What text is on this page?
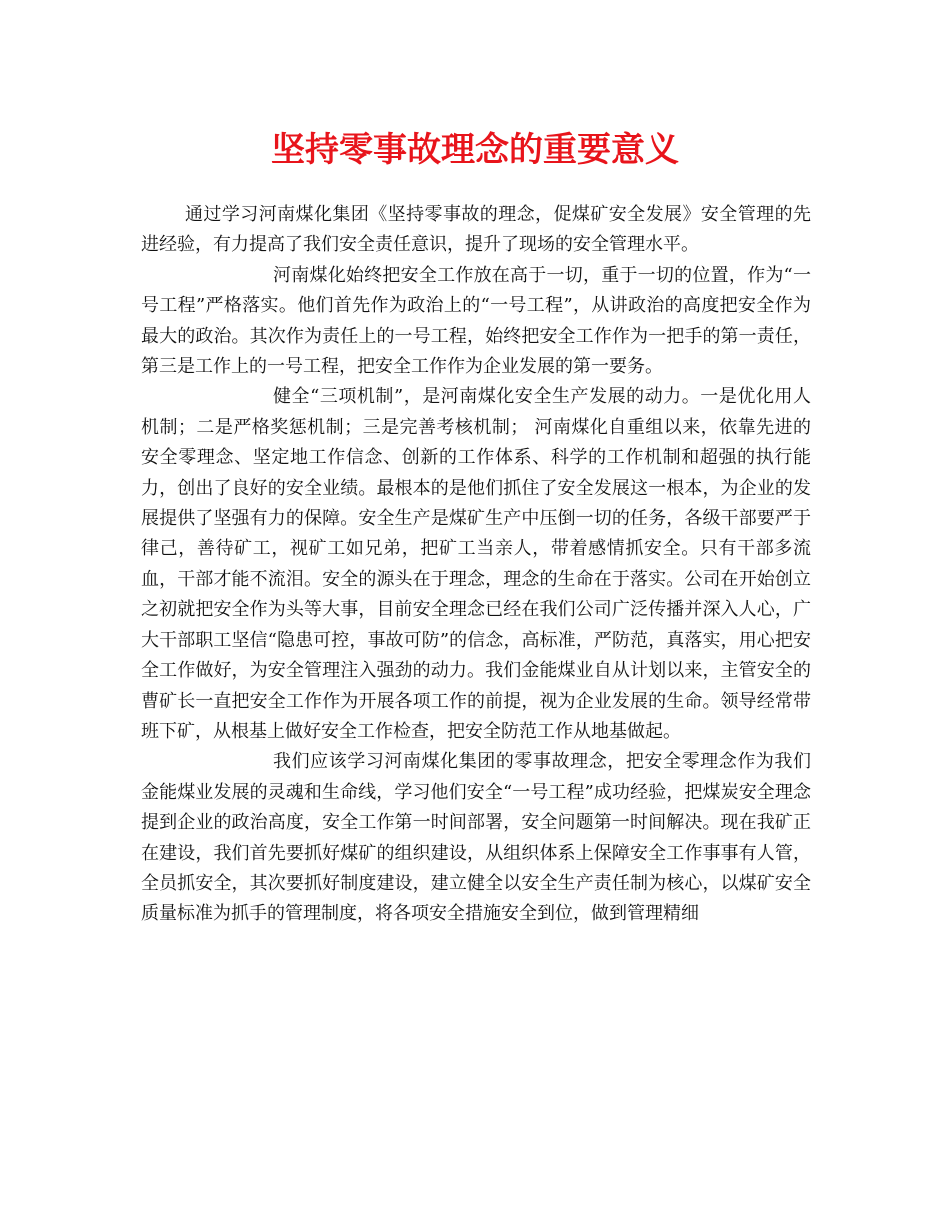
坚持零事故理念的重要意义

通过学习河南煤化集团《坚持零事故的理念，促煤矿安全发展》安全管理的先进经验，有力提高了我们安全责任意识，提升了现场的安全管理水平。

河南煤化始终把安全工作放在高于一切，重于一切的位置，作为“一号工程”严格落实。他们首先作为政治上的“一号工程”，从讲政治的高度把安全作为最大的政治。其次作为责任上的一号工程，始终把安全工作作为一把手的第一责任，第三是工作上的一号工程，把安全工作作为企业发展的第一要务。

健全“三项机制”，是河南煤化安全生产发展的动力。一是优化用人机制；二是严格奖惩机制；三是完善考核机制； 河南煤化自重组以来，依靠先进的安全零理念、坚定地工作信念、创新的工作体系、科学的工作机制和超强的执行能力，创出了良好的安全业绩。最根本的是他们抓住了安全发展这一根本，为企业的发展提供了坚强有力的保障。安全生产是煤矿生产中压倒一切的任务，各级干部要严于律己，善待矿工，视矿工如兄弟，把矿工当亲人，带着感情抓安全。只有干部多流血，干部才能不流泪。安全的源头在于理念，理念的生命在于落实。公司在开始创立之初就把安全作为头等大事，目前安全理念已经在我们公司广泛传播并深入人心，广大干部职工坚信“隐患可控，事故可防”的信念，高标准，严防范，真落实，用心把安全工作做好，为安全管理注入强劲的动力。我们金能煤业自从计划以来，主管安全的曹矿长一直把安全工作作为开展各项工作的前提，视为企业发展的生命。领导经常带班下矿，从根基上做好安全工作检查，把安全防范工作从地基做起。

我们应该学习河南煤化集团的零事故理念，把安全零理念作为我们金能煤业发展的灵魂和生命线，学习他们安全“一号工程”成功经验，把煤炭安全理念提到企业的政治高度，安全工作第一时间部署，安全问题第一时间解决。现在我矿正在建设，我们首先要抓好煤矿的组织建设，从组织体系上保障安全工作事事有人管，全员抓安全，其次要抓好制度建设，建立健全以安全生产责任制为核心，以煤矿安全质量标准为抓手的管理制度，将各项安全措施安全到位，做到管理精细
